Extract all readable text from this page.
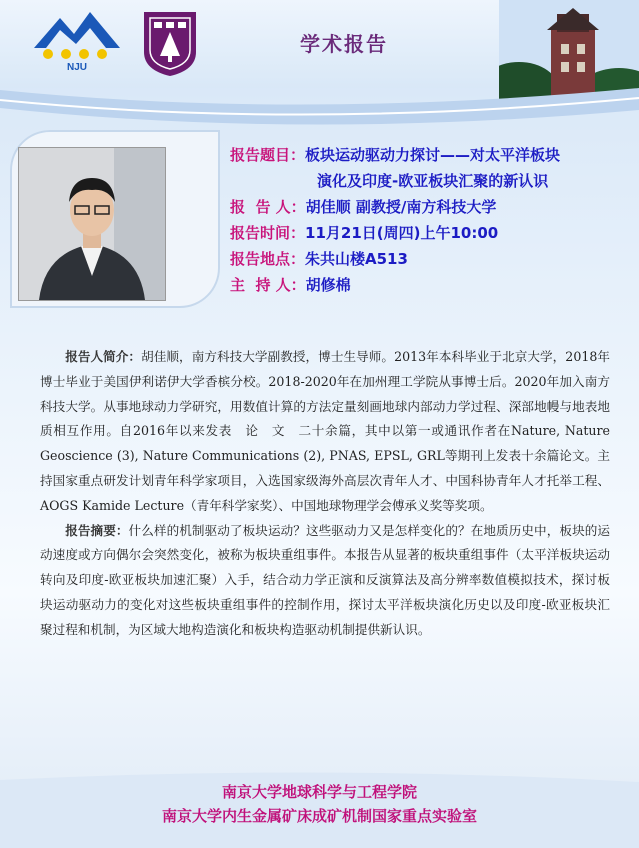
NJU
学术报告
报告题目：板块运动驱动力探讨——对太平洋板块
演化及印度-欧亚板块汇聚的新认识
报  告 人：胡佳顺 副教授/南方科技大学
报告时间：11月21日(周四)上午10:00
报告地点：朱共山楼A513
主  持 人：胡修棉

报告人简介：胡佳顺，南方科技大学副教授，博士生导师。2013年本科毕业于北京大学，2018年博士毕业于美国伊利诺伊大学香槟分校。2018-2020年在加州理工学院从事博士后。2020年加入南方科技大学。从事地球动力学研究，用数值计算的方法定量刻画地球内部动力学过程、深部地幔与地表地质相互作用。自2016年以来发表　论　文　二十余篇，其中以第一或通讯作者在Nature, Nature Geoscience (3), Nature Communications (2), PNAS, EPSL, GRL等期刊上发表十余篇论文。主持国家重点研发计划青年科学家项目，入选国家级海外高层次青年人才、中国科协青年人才托举工程、AOGS Kamide Lecture（青年科学家奖）、中国地球物理学会傅承义奖等奖项。

报告摘要：什么样的机制驱动了板块运动？这些驱动力又是怎样变化的？在地质历史中，板块的运动速度或方向偶尔会突然变化，被称为板块重组事件。本报告从显著的板块重组事件（太平洋板块运动转向及印度-欧亚板块加速汇聚）入手，结合动力学正演和反演算法及高分辨率数值模拟技术，探讨板块运动驱动力的变化对这些板块重组事件的控制作用，探讨太平洋板块演化历史以及印度-欧亚板块汇聚过程和机制，为区域大地构造演化和板块构造驱动机制提供新认识。

南京大学地球科学与工程学院
南京大学内生金属矿床成矿机制国家重点实验室
